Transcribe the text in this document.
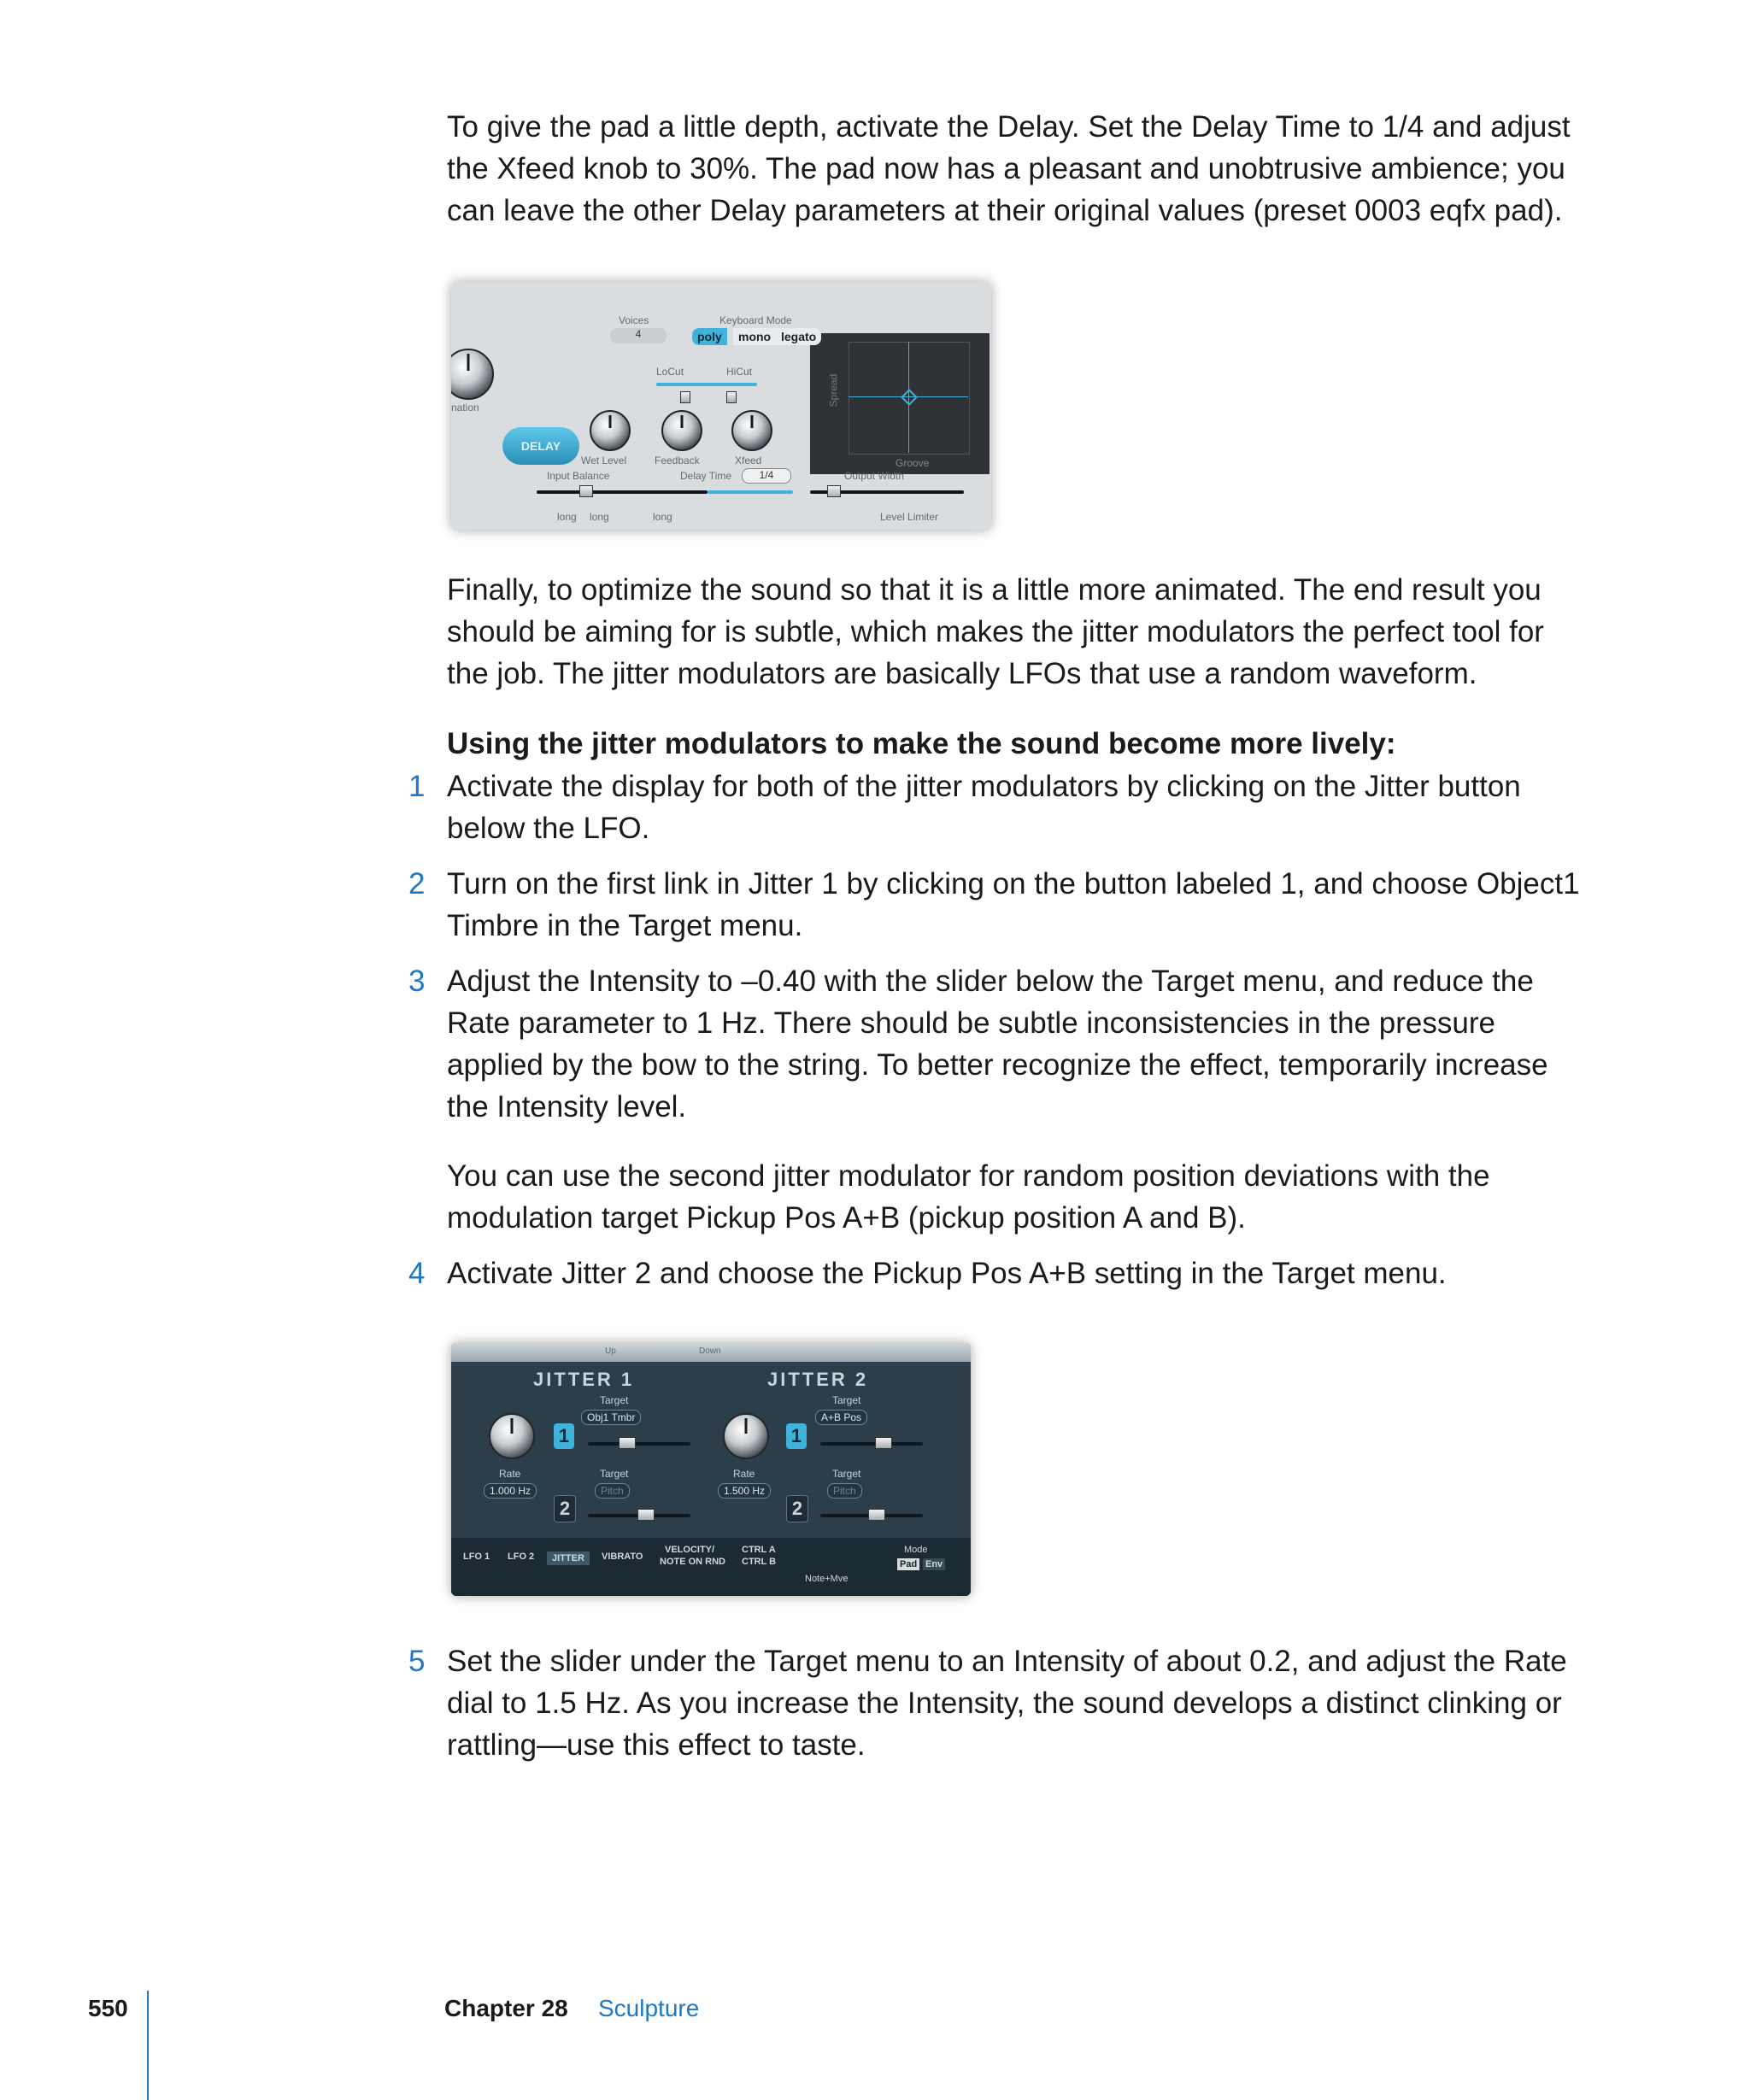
To give the pad a little depth, activate the Delay. Set the Delay Time to 1/4 and adjust the Xfeed knob to 30%. The pad now has a pleasant and unobtrusive ambience; you can leave the other Delay parameters at their original values (preset 0003 eqfx pad).

Spread
Groove
Voices
4
Keyboard Mode
poly	mono legato
LoCut	HiCut
nation
DELAY
Wet Level	Feedback	Xfeed
Input Balance	Delay Time	1/4	Output Width
long long	long	Level Limiter

Finally, to optimize the sound so that it is a little more animated. The end result you should be aiming for is subtle, which makes the jitter modulators the perfect tool for the job. The jitter modulators are basically LFOs that use a random waveform.

Using the jitter modulators to make the sound become more lively:

1 Activate the display for both of the jitter modulators by clicking on the Jitter button below the LFO.
2 Turn on the first link in Jitter 1 by clicking on the button labeled 1, and choose Object1 Timbre in the Target menu.
3 Adjust the Intensity to –0.40 with the slider below the Target menu, and reduce the Rate parameter to 1 Hz. There should be subtle inconsistencies in the pressure applied by the bow to the string. To better recognize the effect, temporarily increase the Intensity level.

You can use the second jitter modulator for random position deviations with the modulation target Pickup Pos A+B (pickup position A and B).

4 Activate Jitter 2 and choose the Pickup Pos A+B setting in the Target menu.
Up	Down
JITTER 1
Target
Obj1 Tmbr
1
Rate	Target
1.000 Hz	Pitch
2
JITTER 2
Target
A+B Pos
1
Rate	Target
1.500 Hz	Pitch
2
LFO 1 LFO 2	JITTER	VIBRATO
VELOCITY/
NOTE ON RND
CTRL A
CTRL B
Mode
Pad Env
Note+Mve
5 Set the slider under the Target menu to an Intensity of about 0.2, and adjust the Rate dial to 1.5 Hz. As you increase the Intensity, the sound develops a distinct clinking or rattling—use this effect to taste.
550	Chapter 28 Sculpture
